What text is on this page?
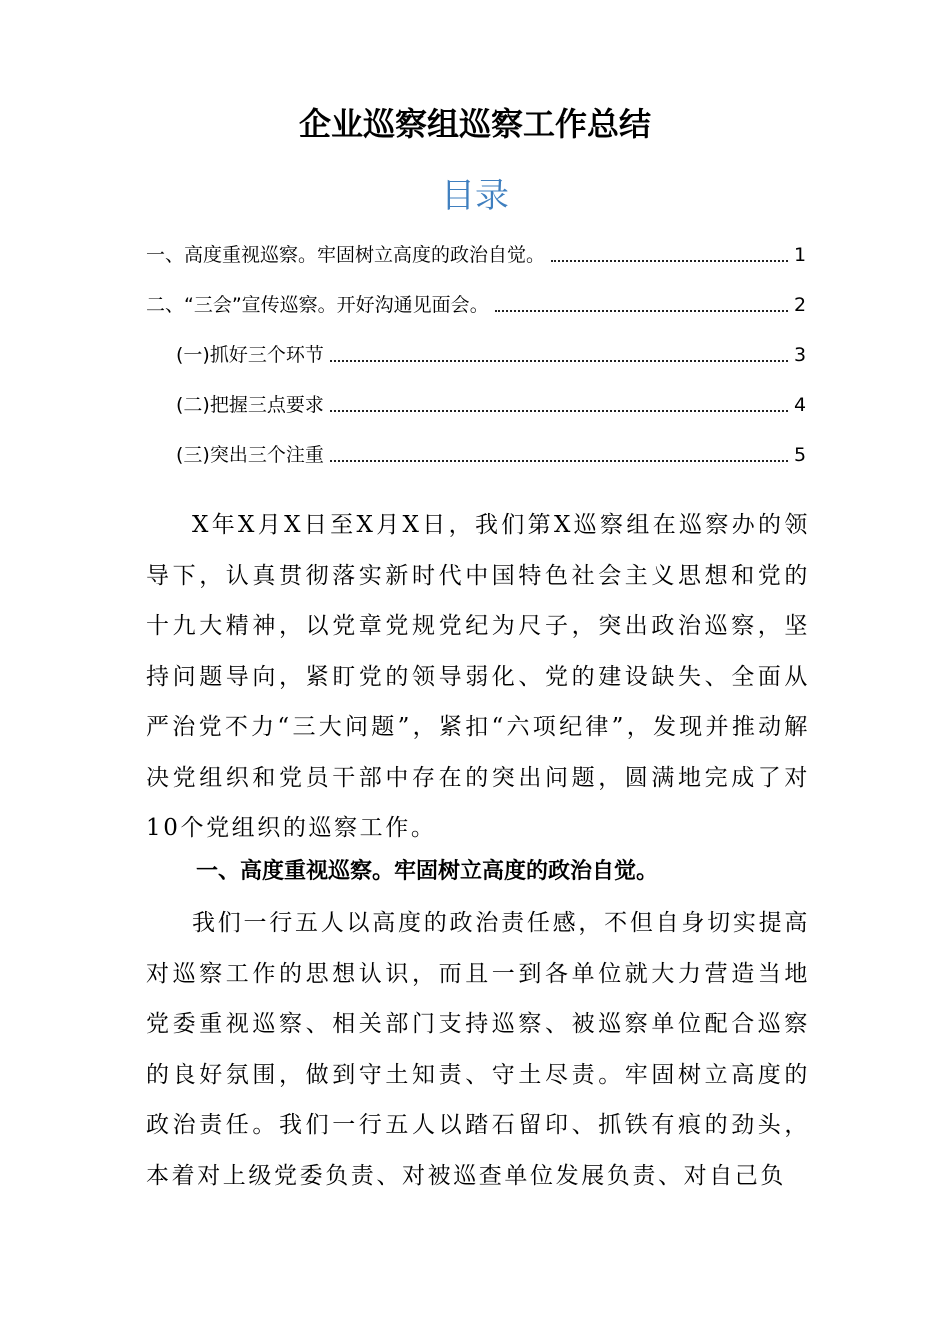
企业巡察组巡察工作总结
目录
一、高度重视巡察。牢固树立高度的政治自觉。	1
二、“三会”宣传巡察。开好沟通见面会。	2
(一)抓好三个环节	3
(二)把握三点要求	4
(三)突出三个注重	5

X年X月X日至X月X日，我们第X巡察组在巡察办的领导下，认真贯彻落实新时代中国特色社会主义思想和党的十九大精神，以党章党规党纪为尺子，突出政治巡察，坚持问题导向，紧盯党的领导弱化、党的建设缺失、全面从严治党不力“三大问题”，紧扣“六项纪律”，发现并推动解决党组织和党员干部中存在的突出问题，圆满地完成了对10个党组织的巡察工作。

一、高度重视巡察。牢固树立高度的政治自觉。

我们一行五人以高度的政治责任感，不但自身切实提高对巡察工作的思想认识，而且一到各单位就大力营造当地党委重视巡察、相关部门支持巡察、被巡察单位配合巡察的良好氛围，做到守土知责、守土尽责。牢固树立高度的政治责任。我们一行五人以踏石留印、抓铁有痕的劲头，本着对上级党委负责、对被巡查单位发展负责、对自己负
